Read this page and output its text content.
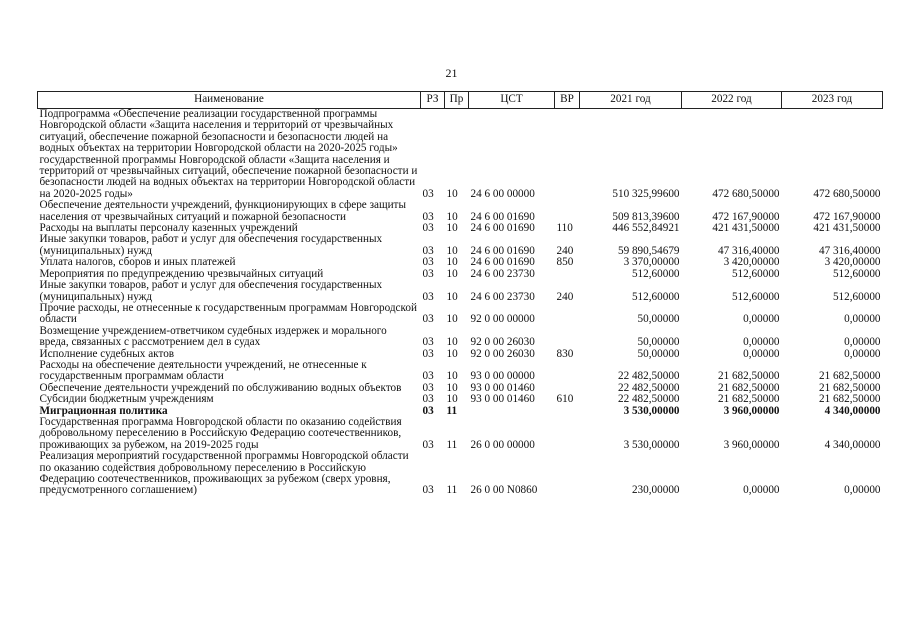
21
Наименование	РЗ	Пр	ЦСТ	ВР	2021 год	2022 год	2023 год
Подпрограмма «Обеспечение реализации государственной программы Новгородской области «Защита населения и территорий от чрезвычайных ситуаций, обеспечение пожарной безопасности и безопасности людей на водных объектах на территории Новгородской области на 2020-2025 годы» государственной программы Новгородской области «Защита населения и территорий от чрезвычайных ситуаций, обеспечение пожарной безопасности и безопасности людей на водных объектах на территории Новгородской области на 2020-2025 годы»	03	10	24 6 00 00000		510 325,99600	472 680,50000	472 680,50000
Обеспечение деятельности учреждений, функционирующих в сфере защиты населения от чрезвычайных ситуаций и пожарной безопасности	03	10	24 6 00 01690		509 813,39600	472 167,90000	472 167,90000
Расходы на выплаты персоналу казенных учреждений	03	10	24 6 00 01690	110	446 552,84921	421 431,50000	421 431,50000
Иные закупки товаров, работ и услуг для обеспечения государственных (муниципальных) нужд	03	10	24 6 00 01690	240	59 890,54679	47 316,40000	47 316,40000
Уплата налогов, сборов и иных платежей	03	10	24 6 00 01690	850	3 370,00000	3 420,00000	3 420,00000
Мероприятия по предупреждению чрезвычайных ситуаций	03	10	24 6 00 23730		512,60000	512,60000	512,60000
Иные закупки товаров, работ и услуг для обеспечения государственных (муниципальных) нужд	03	10	24 6 00 23730	240	512,60000	512,60000	512,60000
Прочие расходы, не отнесенные к государственным программам Новгородской области	03	10	92 0 00 00000		50,00000	0,00000	0,00000
Возмещение учреждением-ответчиком судебных издержек и морального вреда, связанных с рассмотрением дел в судах	03	10	92 0 00 26030		50,00000	0,00000	0,00000
Исполнение судебных актов	03	10	92 0 00 26030	830	50,00000	0,00000	0,00000
Расходы на обеспечение деятельности учреждений, не отнесенные к государственным программам области	03	10	93 0 00 00000		22 482,50000	21 682,50000	21 682,50000
Обеспечение деятельности учреждений по обслуживанию водных объектов	03	10	93 0 00 01460		22 482,50000	21 682,50000	21 682,50000
Субсидии бюджетным учреждениям	03	10	93 0 00 01460	610	22 482,50000	21 682,50000	21 682,50000
Миграционная политика	03	11			3 530,00000	3 960,00000	4 340,00000
Государственная программа Новгородской области по оказанию содействия добровольному переселению в Российскую Федерацию соотечественников, проживающих за рубежом, на 2019-2025 годы	03	11	26 0 00 00000		3 530,00000	3 960,00000	4 340,00000
Реализация мероприятий государственной программы Новгородской области по оказанию содействия добровольному переселению в Российскую Федерацию соотечественников, проживающих за рубежом (сверх уровня, предусмотренного соглашением)	03	11	26 0 00 N0860		230,00000	0,00000	0,00000
